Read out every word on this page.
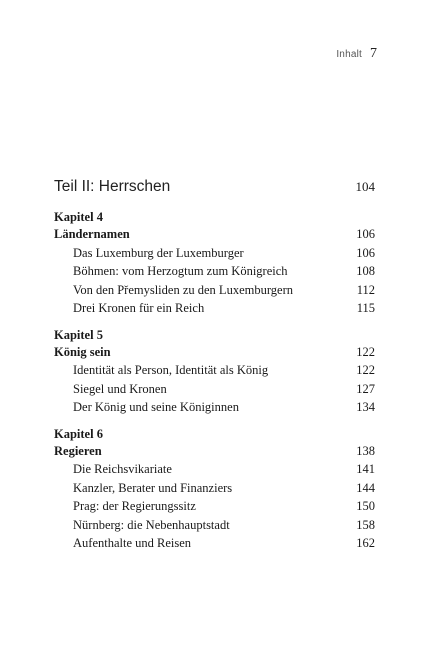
Inhalt 7
Teil II: Herrschen	104
Kapitel 4
Ländernamen	106
Das Luxemburg der Luxemburger	106
Böhmen: vom Herzogtum zum Königreich	108
Von den Přemysliden zu den Luxemburgern	112
Drei Kronen für ein Reich	115
Kapitel 5
König sein	122
Identität als Person, Identität als König	122
Siegel und Kronen	127
Der König und seine Königinnen	134
Kapitel 6
Regieren	138
Die Reichsvikariate	141
Kanzler, Berater und Finanziers	144
Prag: der Regierungssitz	150
Nürnberg: die Nebenhauptstadt	158
Aufenthalte und Reisen	162
